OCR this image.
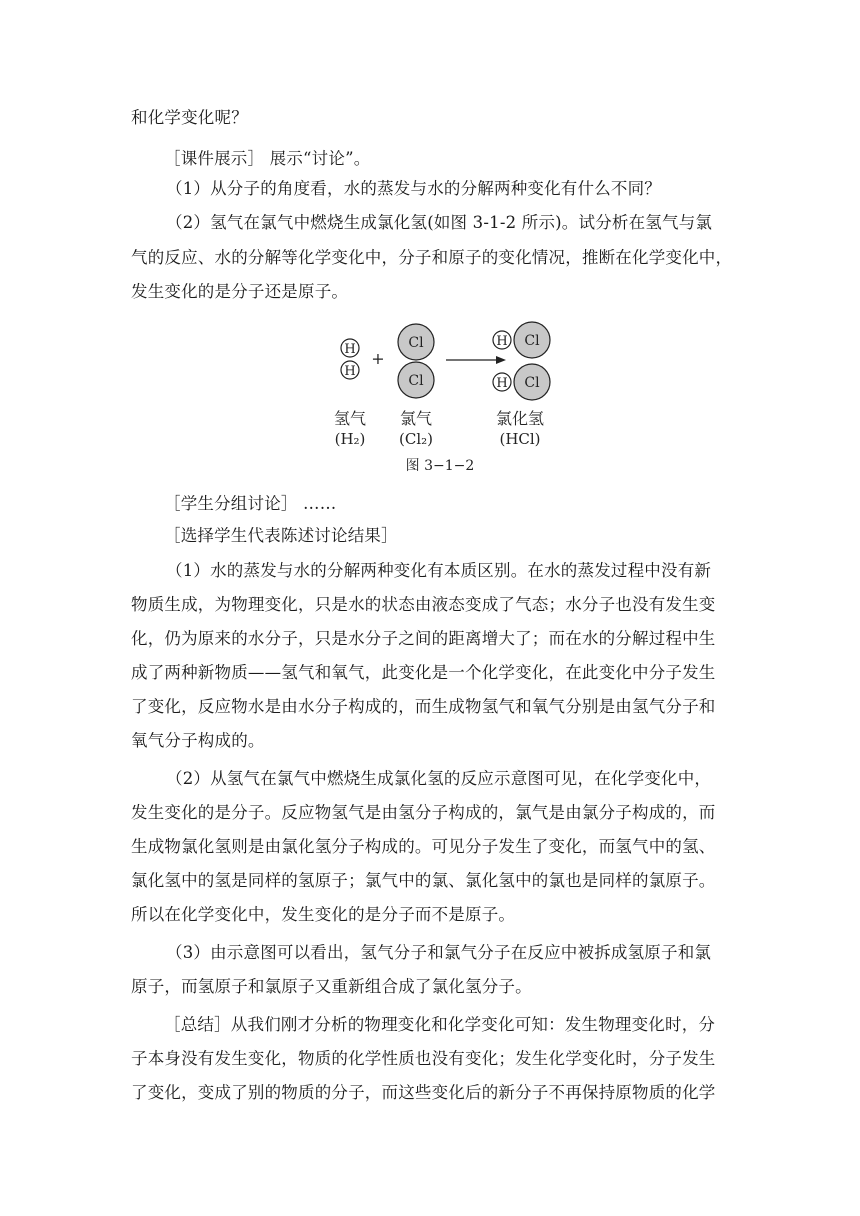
和化学变化呢？
［课件展示］ 展示“讨论”。
（1）从分子的角度看，水的蒸发与水的分解两种变化有什么不同？
（2）氢气在氯气中燃烧生成氯化氢(如图 3-1-2 所示)。试分析在氢气与氯
气的反应、水的分解等化学变化中，分子和原子的变化情况，推断在化学变化中，
发生变化的是分子还是原子。
H
H
+
Cl
Cl
H Cl
H Cl
氢气
(H₂)
氯气
(Cl₂)
氯化氢
(HCl)
图 3−1−2
［学生分组讨论］ ……
［选择学生代表陈述讨论结果］
（1）水的蒸发与水的分解两种变化有本质区别。在水的蒸发过程中没有新
物质生成，为物理变化，只是水的状态由液态变成了气态；水分子也没有发生变
化，仍为原来的水分子，只是水分子之间的距离增大了；而在水的分解过程中生
成了两种新物质——氢气和氧气，此变化是一个化学变化，在此变化中分子发生
了变化，反应物水是由水分子构成的，而生成物氢气和氧气分别是由氢气分子和
氧气分子构成的。
（2）从氢气在氯气中燃烧生成氯化氢的反应示意图可见，在化学变化中，
发生变化的是分子。反应物氢气是由氢分子构成的，氯气是由氯分子构成的，而
生成物氯化氢则是由氯化氢分子构成的。可见分子发生了变化，而氢气中的氢、
氯化氢中的氢是同样的氢原子；氯气中的氯、氯化氢中的氯也是同样的氯原子。
所以在化学变化中，发生变化的是分子而不是原子。
（3）由示意图可以看出，氢气分子和氯气分子在反应中被拆成氢原子和氯
原子，而氢原子和氯原子又重新组合成了氯化氢分子。
［总结］从我们刚才分析的物理变化和化学变化可知：发生物理变化时，分
子本身没有发生变化，物质的化学性质也没有变化；发生化学变化时，分子发生
了变化，变成了别的物质的分子，而这些变化后的新分子不再保持原物质的化学
